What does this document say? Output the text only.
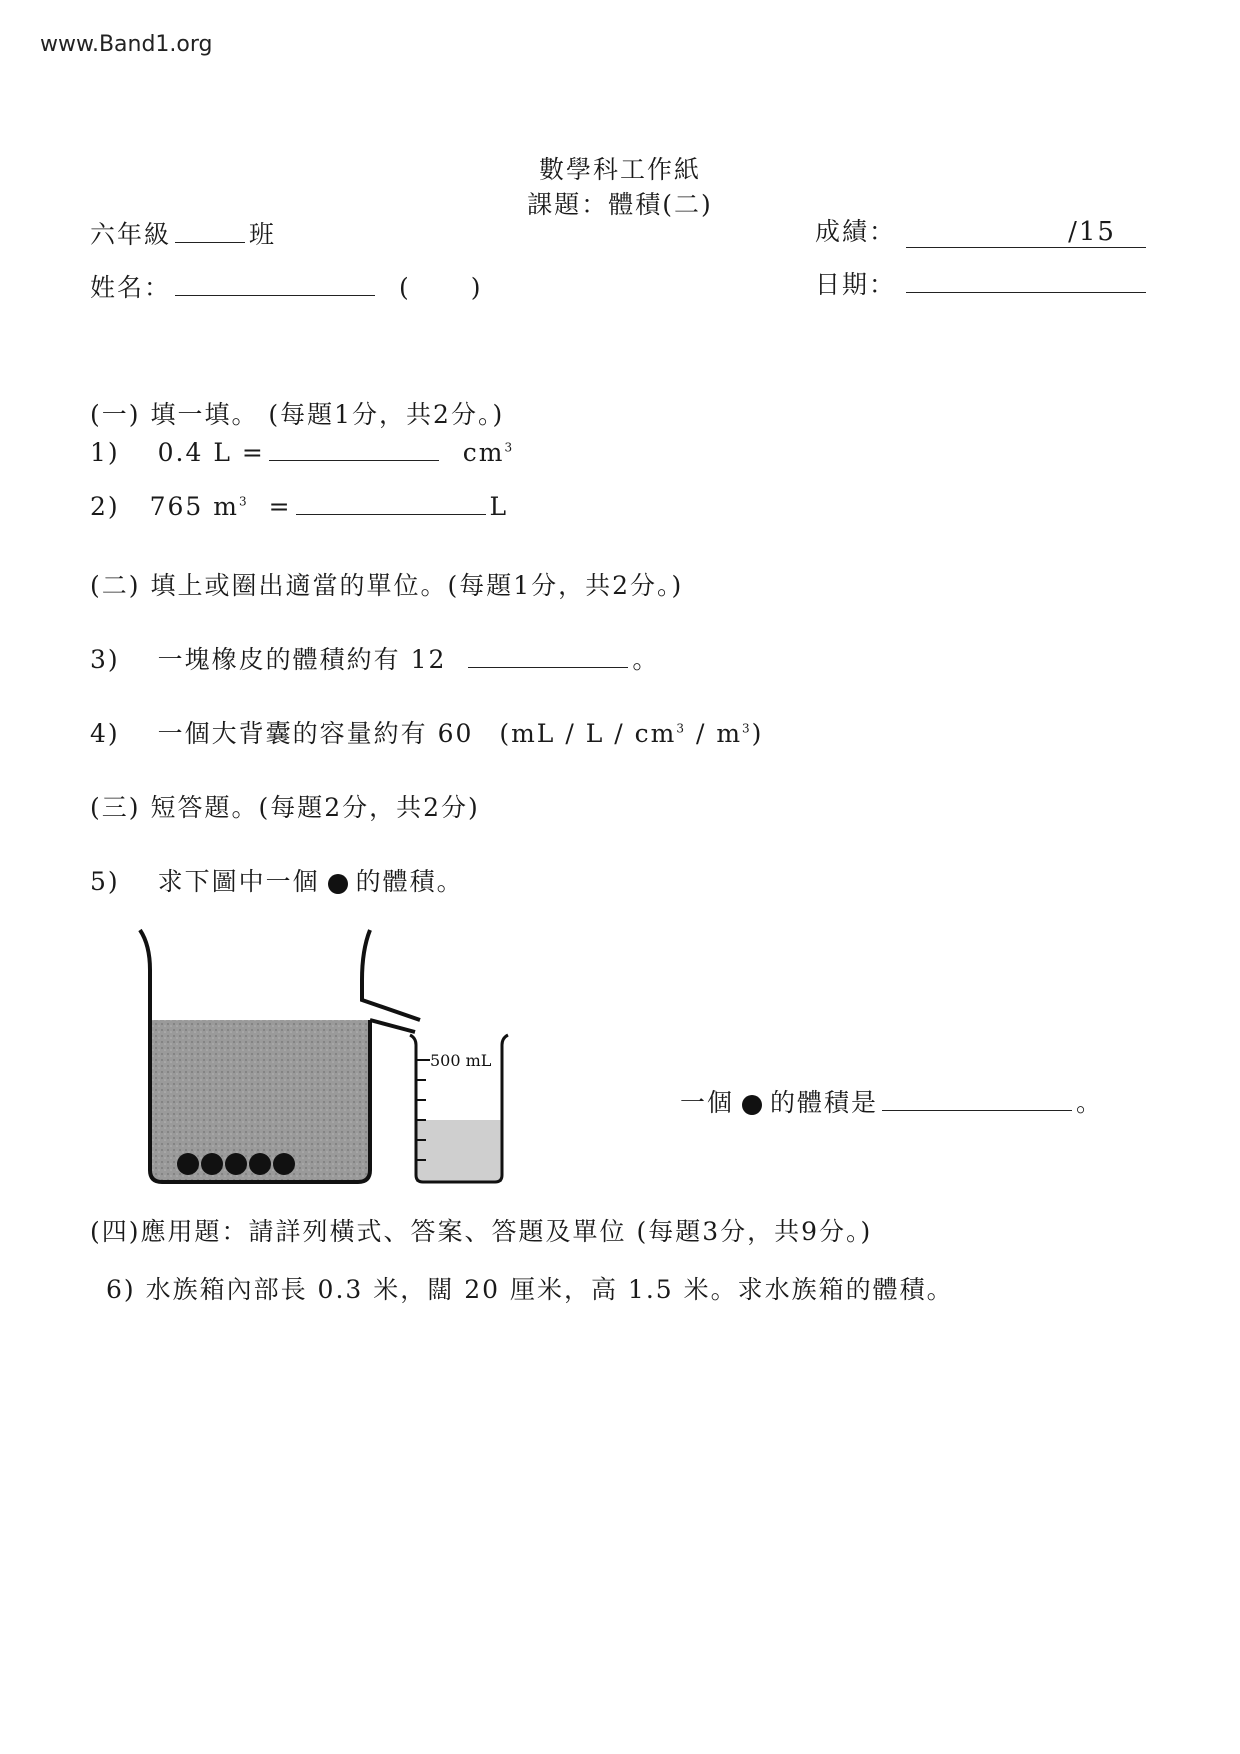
www.Band1.org
數學科工作紙
課題：體積(二)
六年級	班
姓名：	( )
成績：	/15
日期：
(一) 填一填。 (每題1分，共2分。)
1) 0.4 L =	$cm^3$
2) 765 $m^3$ =	L
(二) 填上或圈出適當的單位。(每題1分，共2分。)
3) 一塊橡皮的體積約有 12	。
4) 一個大背囊的容量約有 60 (mL / L / $cm^3 / m^3$)
(三) 短答題。(每題2分，共2分)
5) 求下圖中一個 的體積。
500 mL
一個 的體積是	。
(四)應用題：請詳列橫式、答案、答題及單位 (每題3分，共9分。)
6) 水族箱內部長 0.3 米，闊 20 厘米，高 1.5 米。求水族箱的體積。
